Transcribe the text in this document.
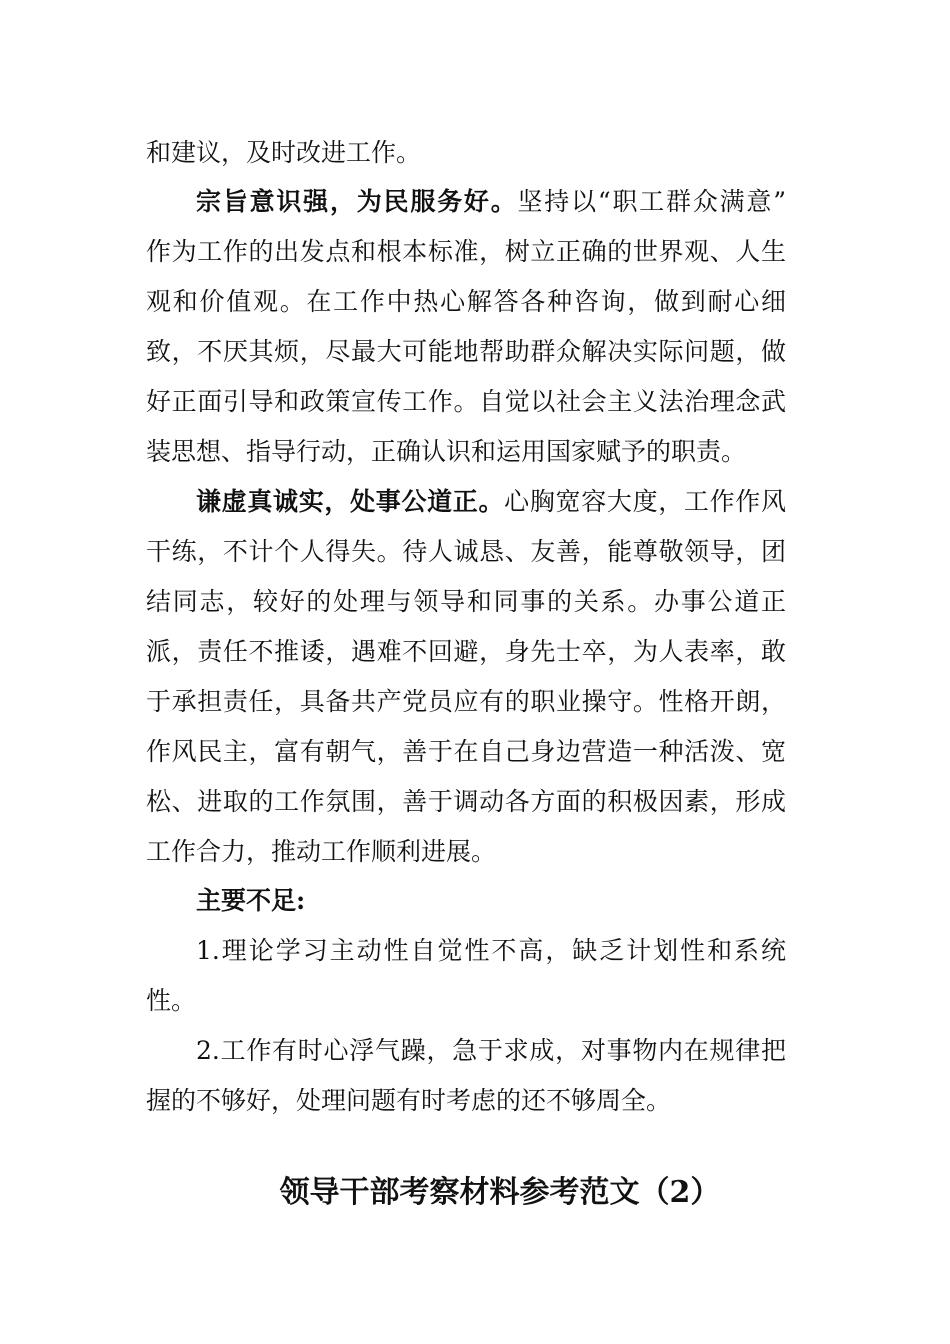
和建议，及时改进工作。
宗旨意识强，为民服务好。坚持以“职工群众满意”
作为工作的出发点和根本标准，树立正确的世界观、人生
观和价值观。在工作中热心解答各种咨询，做到耐心细
致，不厌其烦，尽最大可能地帮助群众解决实际问题，做
好正面引导和政策宣传工作。自觉以社会主义法治理念武
装思想、指导行动，正确认识和运用国家赋予的职责。
谦虚真诚实，处事公道正。心胸宽容大度，工作作风
干练，不计个人得失。待人诚恳、友善，能尊敬领导，团
结同志，较好的处理与领导和同事的关系。办事公道正
派，责任不推诿，遇难不回避，身先士卒，为人表率，敢
于承担责任，具备共产党员应有的职业操守。性格开朗，
作风民主，富有朝气，善于在自己身边营造一种活泼、宽
松、进取的工作氛围，善于调动各方面的积极因素，形成
工作合力，推动工作顺利进展。
主要不足:
1.理论学习主动性自觉性不高，缺乏计划性和系统
性。
2.工作有时心浮气躁，急于求成，对事物内在规律把
握的不够好，处理问题有时考虑的还不够周全。
领导干部考察材料参考范文（2）
